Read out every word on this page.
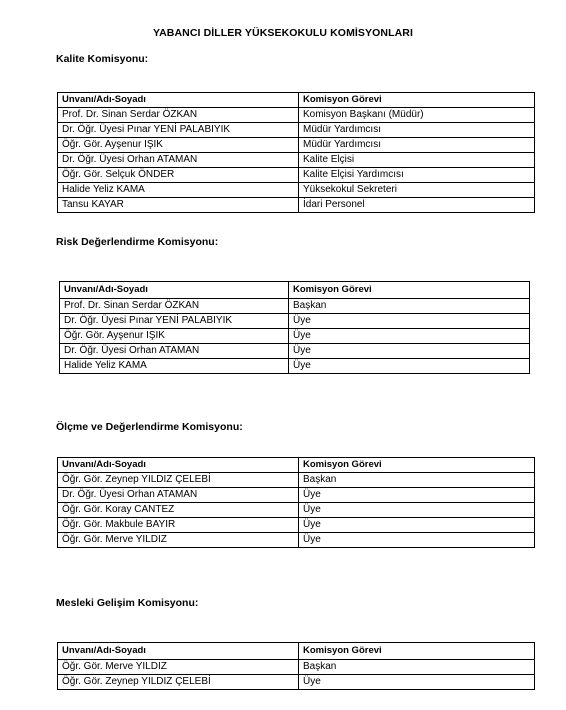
YABANCI DİLLER YÜKSEKOKULU KOMİSYONLARI
Kalite Komisyonu:
Unvanı/Adı-Soyadı	Komisyon Görevi
Prof. Dr. Sinan Serdar ÖZKAN	Komisyon Başkanı (Müdür)
Dr. Öğr. Üyesi Pınar YENİ PALABIYIK	Müdür Yardımcısı
Öğr. Gör. Ayşenur IŞIK	Müdür Yardımcısı
Dr. Öğr. Üyesi Orhan ATAMAN	Kalite Elçisi
Öğr. Gör. Selçuk ÖNDER	Kalite Elçisi Yardımcısı
Halide Yeliz KAMA	Yüksekokul Sekreteri
Tansu KAYAR	İdari Personel
Risk Değerlendirme Komisyonu:
Unvanı/Adı-Soyadı	Komisyon Görevi
Prof. Dr. Sinan Serdar ÖZKAN	Başkan
Dr. Öğr. Üyesi Pınar YENİ PALABIYIK	Üye
Öğr. Gör. Ayşenur IŞIK	Üye
Dr. Öğr. Üyesi Orhan ATAMAN	Üye
Halide Yeliz KAMA	Üye
Ölçme ve Değerlendirme Komisyonu:
Unvanı/Adı-Soyadı	Komisyon Görevi
Öğr. Gör. Zeynep YILDIZ ÇELEBİ	Başkan
Dr. Öğr. Üyesi Orhan ATAMAN	Üye
Öğr. Gör. Koray CANTEZ	Üye
Öğr. Gör. Makbule BAYIR	Üye
Öğr. Gör. Merve YILDIZ	Üye
Mesleki Gelişim Komisyonu:
Unvanı/Adı-Soyadı	Komisyon Görevi
Öğr. Gör. Merve YILDIZ	Başkan
Öğr. Gör. Zeynep YILDIZ ÇELEBİ	Üye
